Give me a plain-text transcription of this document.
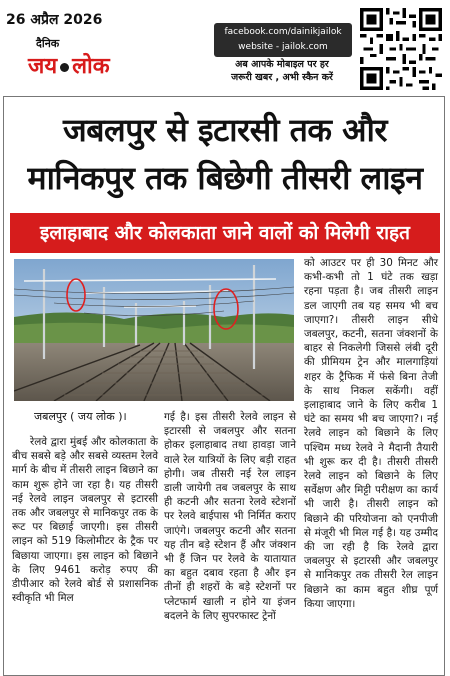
26 अप्रैल 2026
दैनिक
जय लोक
facebook.com/dainikjailok
website - jailok.com
अब आपके मोबाइल पर हर
जरूरी खबर , अभी स्कैन करें
जबलपुर से इटारसी तक और
मानिकपुर तक बिछेगी तीसरी लाइन
इलाहाबाद और कोलकाता जाने वालों को मिलेगी राहत
जबलपुर ( जय लोक )।
रेलवे द्वारा मुंबई और कोलकाता के बीच सबसे बड़े और सबसे व्यस्तम रेलवे मार्ग के बीच में तीसरी लाइन बिछाने का काम शुरू होने जा रहा है। यह तीसरी नई रेलवे लाइन जबलपुर से इटारसी तक और जबलपुर से मानिकपुर तक के रूट पर बिछाई जाएगी। इस तीसरी लाइन को 519 किलोमीटर के ट्रैक पर बिछाया जाएगा। इस लाइन को बिछाने के लिए 9461 करोड़ रुपए की डीपीआर को रेलवे बोर्ड से प्रशासनिक स्वीकृति भी मिल
गई है। इस तीसरी रेलवे लाइन से इटारसी से जबलपुर और सतना होकर इलाहाबाद तथा हावड़ा जाने वाले रेल यात्रियों के लिए बड़ी राहत होगी। जब तीसरी नई रेल लाइन डाली जायेगी तब जबलपुर के साथ ही कटनी और सतना रेलवे स्टेशनों पर रेलवे बाईपास भी निर्मित कराए जाएंगे। जबलपुर कटनी और सतना यह तीन बड़े स्टेशन हैं और जंक्शन भी हैं जिन पर रेलवे के यातायात का बहुत दबाव रहता है और इन तीनों ही शहरों के बड़े स्टेशनों पर प्लेटफार्म खाली न होने या इंजन बदलने के लिए सुपरफास्ट ट्रेनों
को आउटर पर ही 30 मिनट और कभी-कभी तो 1 घंटे तक खड़ा रहना पड़ता है। जब तीसरी लाइन डल जाएगी तब यह समय भी बच जाएगा?। तीसरी लाइन सीधे जबलपुर, कटनी, सतना जंक्शनों के बाहर से निकलेगी जिससे लंबी दूरी की प्रीमियम ट्रेन और मालगाड़ियां शहर के ट्रैफिक में फंसे बिना तेजी के साथ निकल सकेंगी। वहीं इलाहाबाद जाने के लिए करीब 1 घंटे का समय भी बच जाएगा?। नई रेलवे लाइन को बिछाने के लिए पश्चिम मध्य रेलवे ने मैदानी तैयारी भी शुरू कर दी है। तीसरी तीसरी रेलवे लाइन को बिछाने के लिए सर्वेक्षण और मिट्टी परीक्षण का कार्य भी जारी है। तीसरी लाइन को बिछाने की परियोजना को एनपीजी से मंजूरी भी मिल गई है। यह उम्मीद की जा रही है कि रेलवे द्वारा जबलपुर से इटारसी और जबलपुर से मानिकपुर तक तीसरी रेल लाइन बिछाने का काम बहुत शीघ्र पूर्ण किया जाएगा।
